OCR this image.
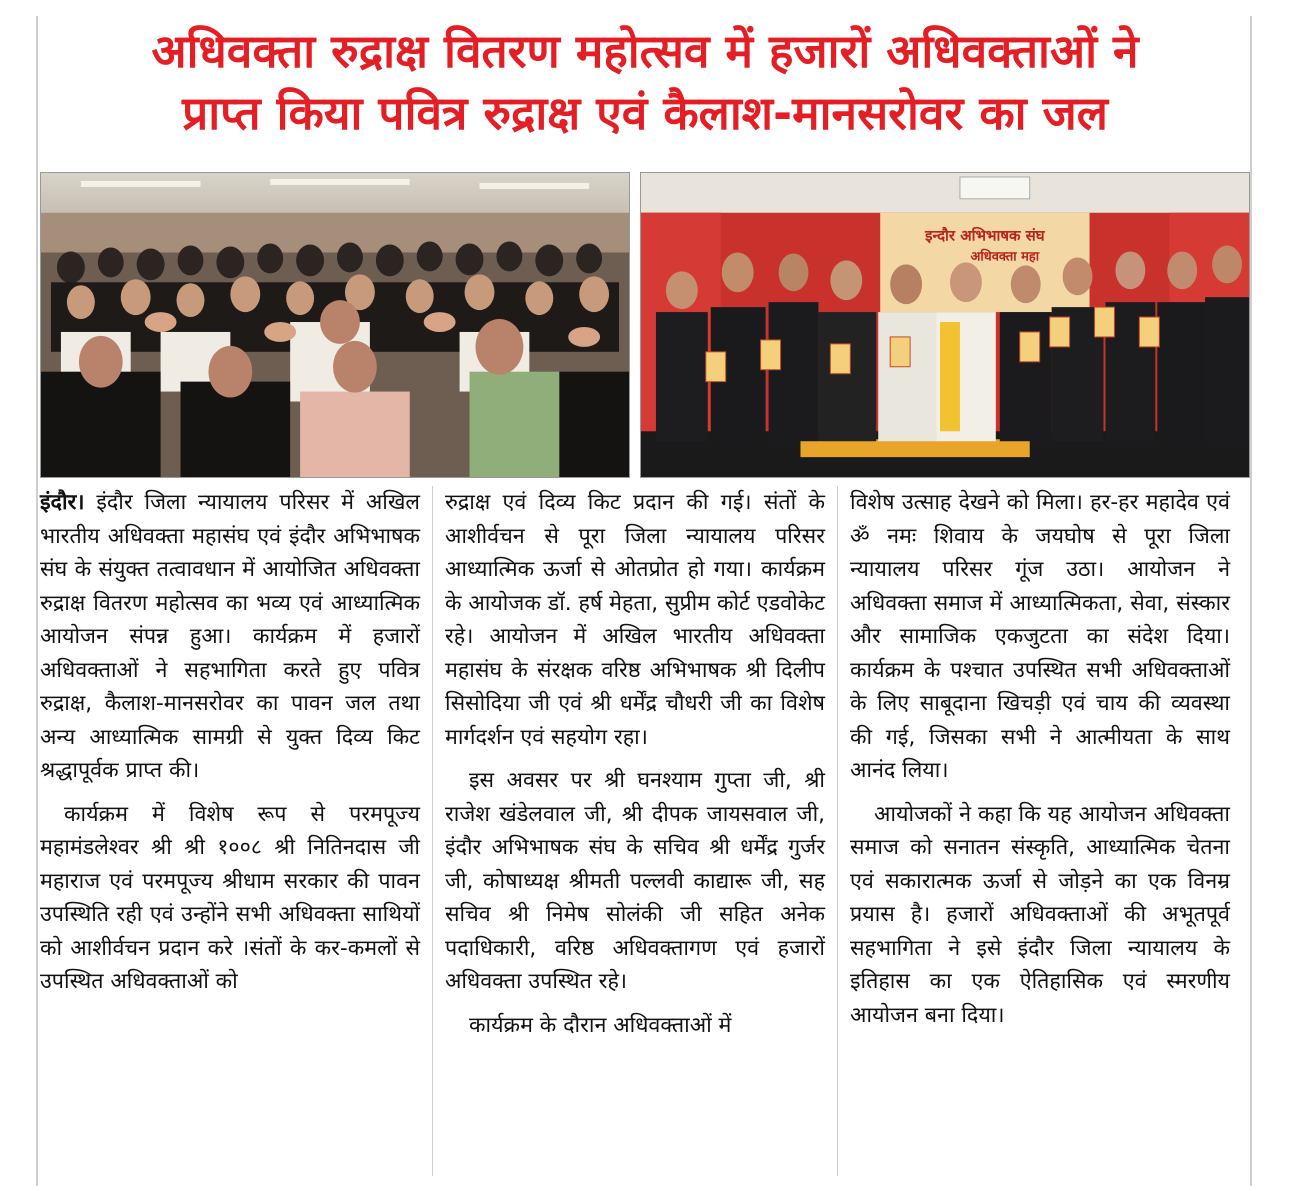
अधिवक्ता रुद्राक्ष वितरण महोत्सव में हजारों अधिवक्ताओं ने
प्राप्त किया पवित्र रुद्राक्ष एवं कैलाश-मानसरोवर का जल
इन्दौर अभिभाषक संघ
अधिवक्ता महा

इंदौर। इंदौर जिला न्यायालय परिसर में अखिल भारतीय अधिवक्ता महासंघ एवं इंदौर अभिभाषक संघ के संयुक्त तत्वावधान में आयोजित अधिवक्ता रुद्राक्ष वितरण महोत्सव का भव्य एवं आध्यात्मिक आयोजन संपन्न हुआ। कार्यक्रम में हजारों अधिवक्ताओं ने सहभागिता करते हुए पवित्र रुद्राक्ष, कैलाश-मानसरोवर का पावन जल तथा अन्य आध्यात्मिक सामग्री से युक्त दिव्य किट श्रद्धापूर्वक प्राप्त की।

कार्यक्रम में विशेष रूप से परमपूज्य महामंडलेश्वर श्री श्री १००८ श्री नितिनदास जी महाराज एवं परमपूज्य श्रीधाम सरकार की पावन उपस्थिति रही एवं उन्होंने सभी अधिवक्ता साथियों को आशीर्वचन प्रदान करे ।संतों के कर-कमलों से उपस्थित अधिवक्ताओं को

रुद्राक्ष एवं दिव्य किट प्रदान की गई। संतों के आशीर्वचन से पूरा जिला न्यायालय परिसर आध्यात्मिक ऊर्जा से ओतप्रोत हो गया। कार्यक्रम के आयोजक डॉ. हर्ष मेहता, सुप्रीम कोर्ट एडवोकेट रहे। आयोजन में अखिल भारतीय अधिवक्ता महासंघ के संरक्षक वरिष्ठ अभिभाषक श्री दिलीप सिसोदिया जी एवं श्री धर्मेंद्र चौधरी जी का विशेष मार्गदर्शन एवं सहयोग रहा।

इस अवसर पर श्री घनश्याम गुप्ता जी, श्री राजेश खंडेलवाल जी, श्री दीपक जायसवाल जी, इंदौर अभिभाषक संघ के सचिव श्री धर्मेंद्र गुर्जर जी, कोषाध्यक्ष श्रीमती पल्लवी काद्यारू जी, सह सचिव श्री निमेष सोलंकी जी सहित अनेक पदाधिकारी, वरिष्ठ अधिवक्तागण एवं हजारों अधिवक्ता उपस्थित रहे।

कार्यक्रम के दौरान अधिवक्ताओं में

विशेष उत्साह देखने को मिला। हर-हर महादेव एवं ॐ नमः शिवाय के जयघोष से पूरा जिला न्यायालय परिसर गूंज उठा। आयोजन ने अधिवक्ता समाज में आध्यात्मिकता, सेवा, संस्कार और सामाजिक एकजुटता का संदेश दिया। कार्यक्रम के पश्चात उपस्थित सभी अधिवक्ताओं के लिए साबूदाना खिचड़ी एवं चाय की व्यवस्था की गई, जिसका सभी ने आत्मीयता के साथ आनंद लिया।

आयोजकों ने कहा कि यह आयोजन अधिवक्ता समाज को सनातन संस्कृति, आध्यात्मिक चेतना एवं सकारात्मक ऊर्जा से जोड़ने का एक विनम्र प्रयास है। हजारों अधिवक्ताओं की अभूतपूर्व सहभागिता ने इसे इंदौर जिला न्यायालय के इतिहास का एक ऐतिहासिक एवं स्मरणीय आयोजन बना दिया।
